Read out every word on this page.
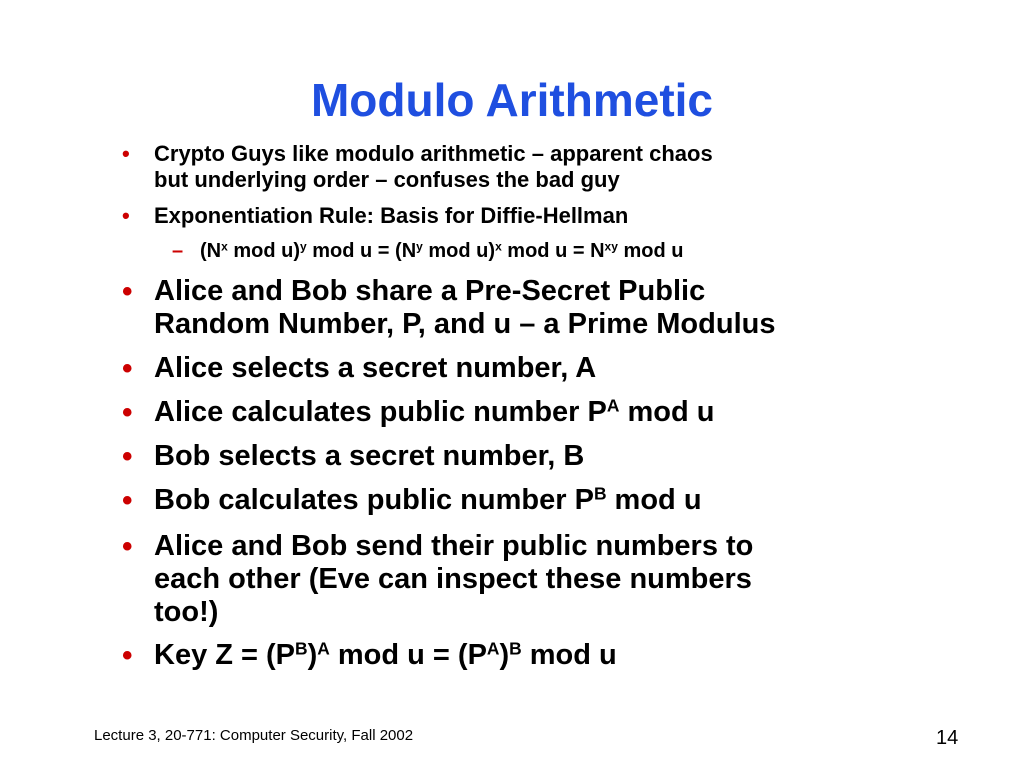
Modulo Arithmetic
• Crypto Guys like modulo arithmetic – apparent chaos
but underlying order – confuses the bad guy
• Exponentiation Rule: Basis for Diffie-Hellman
– ($N^x$ mod u)$^y$ mod $u = (N^y$ mod u)$^x$ mod $u = N^{xy}$ mod u
• Alice and Bob share a Pre-Secret Public
Random Number, P, and u – a Prime Modulus
• Alice selects a secret number, A
• Alice calculates public number $P^A$ mod u
• Bob selects a secret number, B
• Bob calculates public number $P^B$ mod u
• Alice and Bob send their public numbers to
each other (Eve can inspect these numbers
too!)
• Key $Z = (P^B)^A$ mod $u = (P^A)^B$ mod u
Lecture 3, 20-771: Computer Security, Fall 2002	14
